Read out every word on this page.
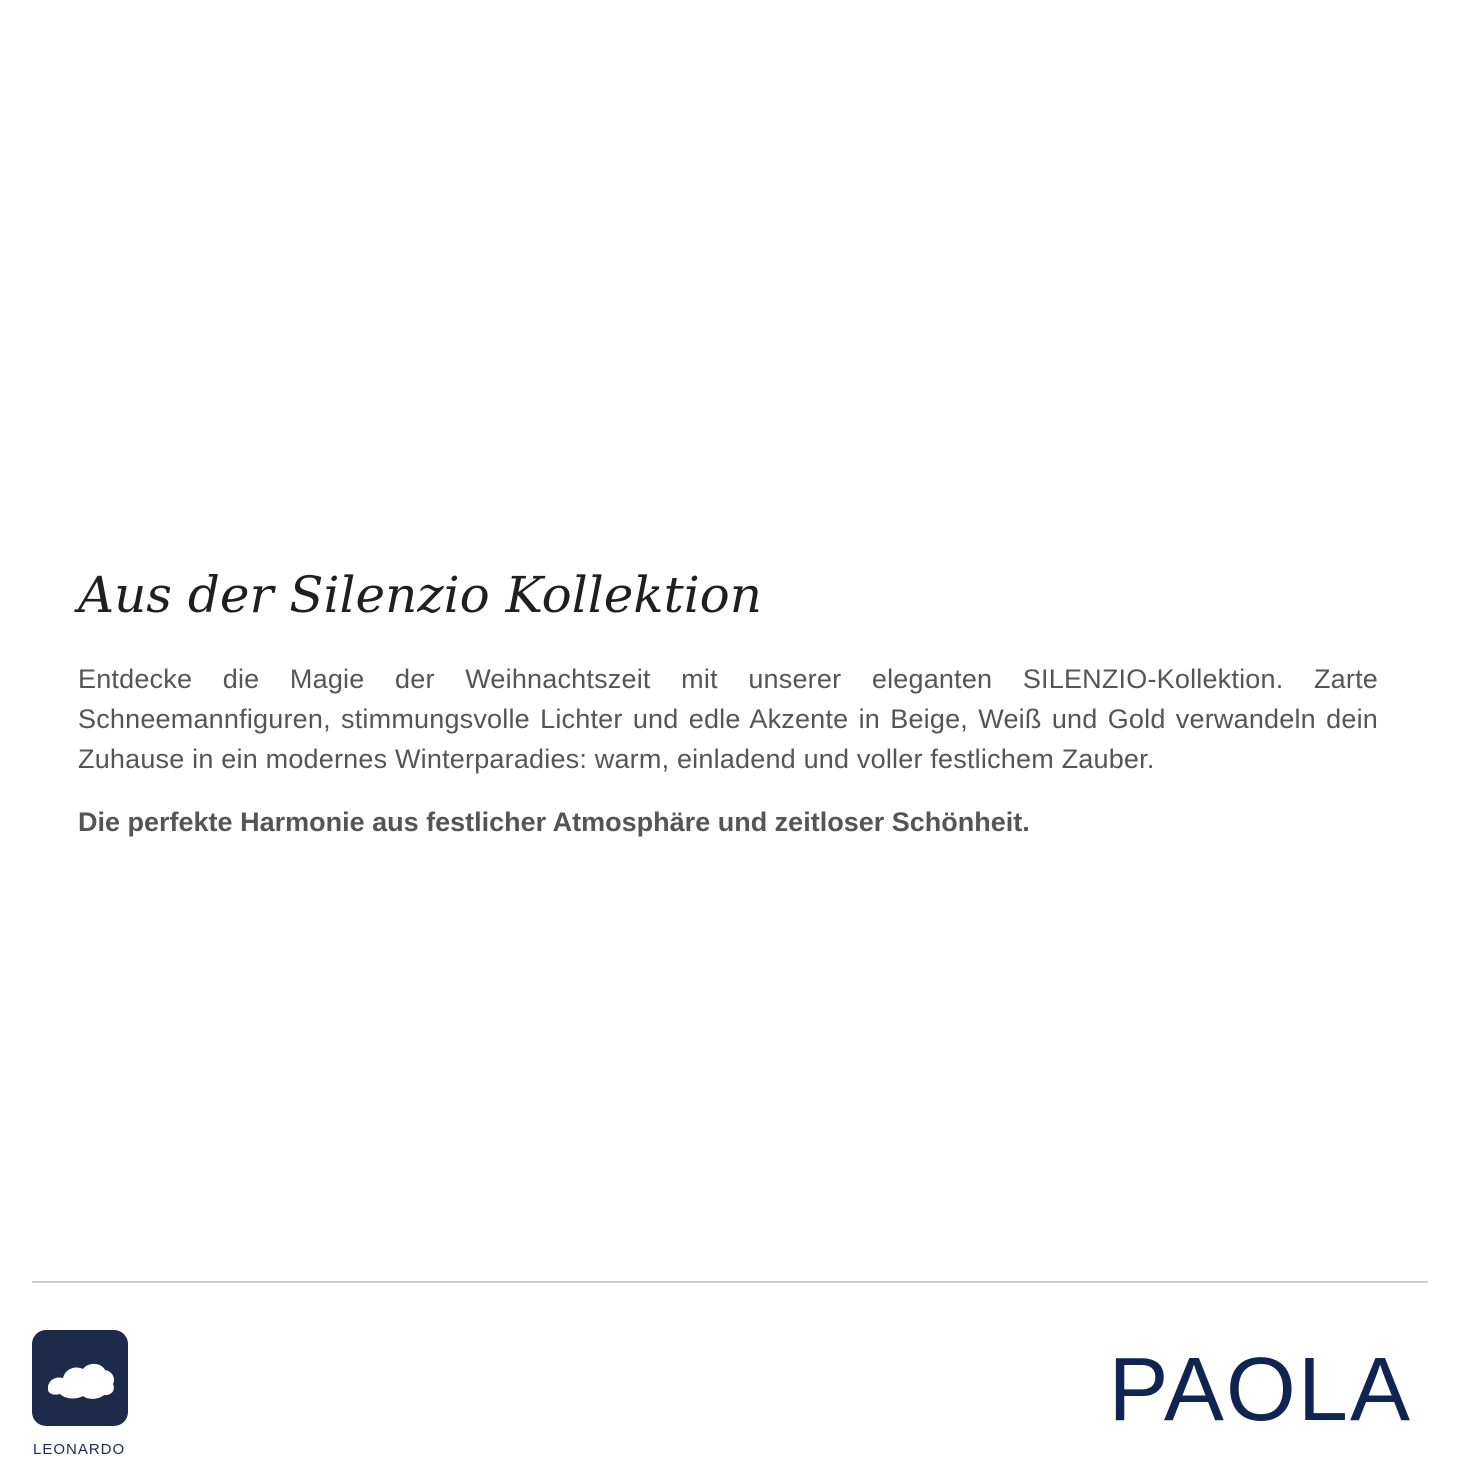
Aus der Silenzio Kollektion

Entdecke die Magie der Weihnachtszeit mit unserer eleganten SILENZIO-Kollektion. Zarte Schneemannfiguren, stimmungsvolle Lichter und edle Akzente in Beige, Weiß und Gold verwandeln dein Zuhause in ein modernes Winterparadies: warm, einladend und voller festlichem Zauber.

Die perfekte Harmonie aus festlicher Atmosphäre und zeitloser Schönheit.

LEONARDO
PAOLA
